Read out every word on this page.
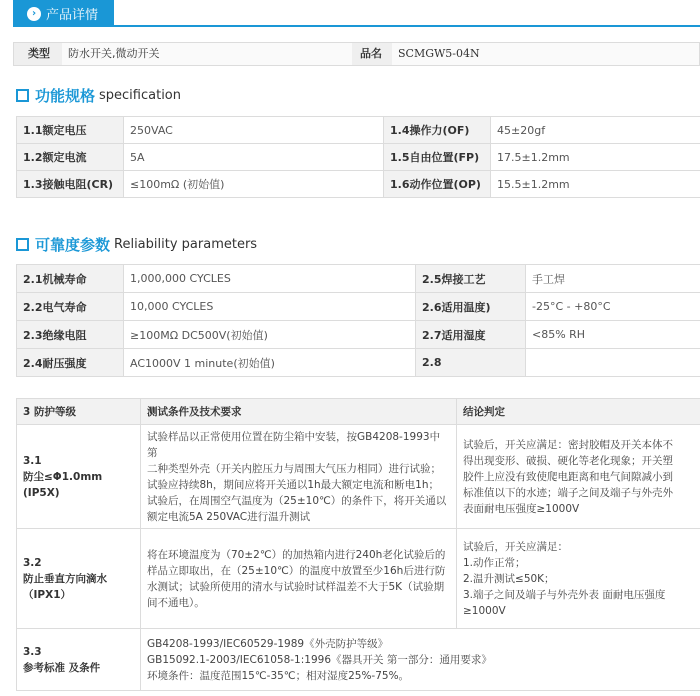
› 产品详情
类型 防水开关,微动开关	品名 SCMGW5-04N
功能规格 specification
1.1额定电压	250VAC	1.4操作力(OF)	45±20gf
1.2额定电流	5A	1.5自由位置(FP)	17.5±1.2mm
1.3接触电阻(CR)	≤100mΩ (初始值)	1.6动作位置(OP)	15.5±1.2mm
可靠度参数 Reliability parameters
2.1机械寿命	1,000,000 CYCLES	2.5焊接工艺	手工焊
2.2电气寿命	10,000 CYCLES	2.6适用温度)	-25°C - +80°C
2.3绝缘电阻	≥100MΩ DC500V(初始值)	2.7适用湿度	<85% RH
2.4耐压强度	AC1000V 1 minute(初始值)	2.8	
3 防护等级	测试条件及技术要求	结论判定

3.1
防尘≤Φ1.0mm (IP5X)	试验样品以正常使用位置在防尘箱中安装，按GB4208-1993中第
二种类型外壳（开关内腔压力与周围大气压力相同）进行试验；
试验应持续8h，期间应将开关通以1h最大额定电流和断电1h；
试验后，在周围空气温度为（25±10℃）的条件下，将开关通以
额定电流5A 250VAC进行温升测试	试验后，开关应满足：密封胶帽及开关本体不
得出现变形、破损、硬化等老化现象；开关塑
胶件上应没有致使爬电距离和电气间隙减小到
标准值以下的水迹；端子之间及端子与外壳外
表面耐电压强度≥1000V

3.2
防止垂直方向滴水
（IPX1）	将在环境温度为（70±2℃）的加热箱内进行240h老化试验后的
样品立即取出，在（25±10℃）的温度中放置至少16h后进行防
水测试；试验所使用的清水与试验时试样温差不大于5K（试验期
间不通电）。	试验后，开关应满足：
1.动作正常；
2.温升测试≤50K；
3.端子之间及端子与外壳外表 面耐电压强度
≥1000V

3.3
参考标准 及条件	GB4208-1993/IEC60529-1989《外壳防护等级》
GB15092.1-2003/IEC61058-1:1996《器具开关 第一部分：通用要求》
环境条件：温度范围15℃-35℃；相对湿度25%-75%。	
